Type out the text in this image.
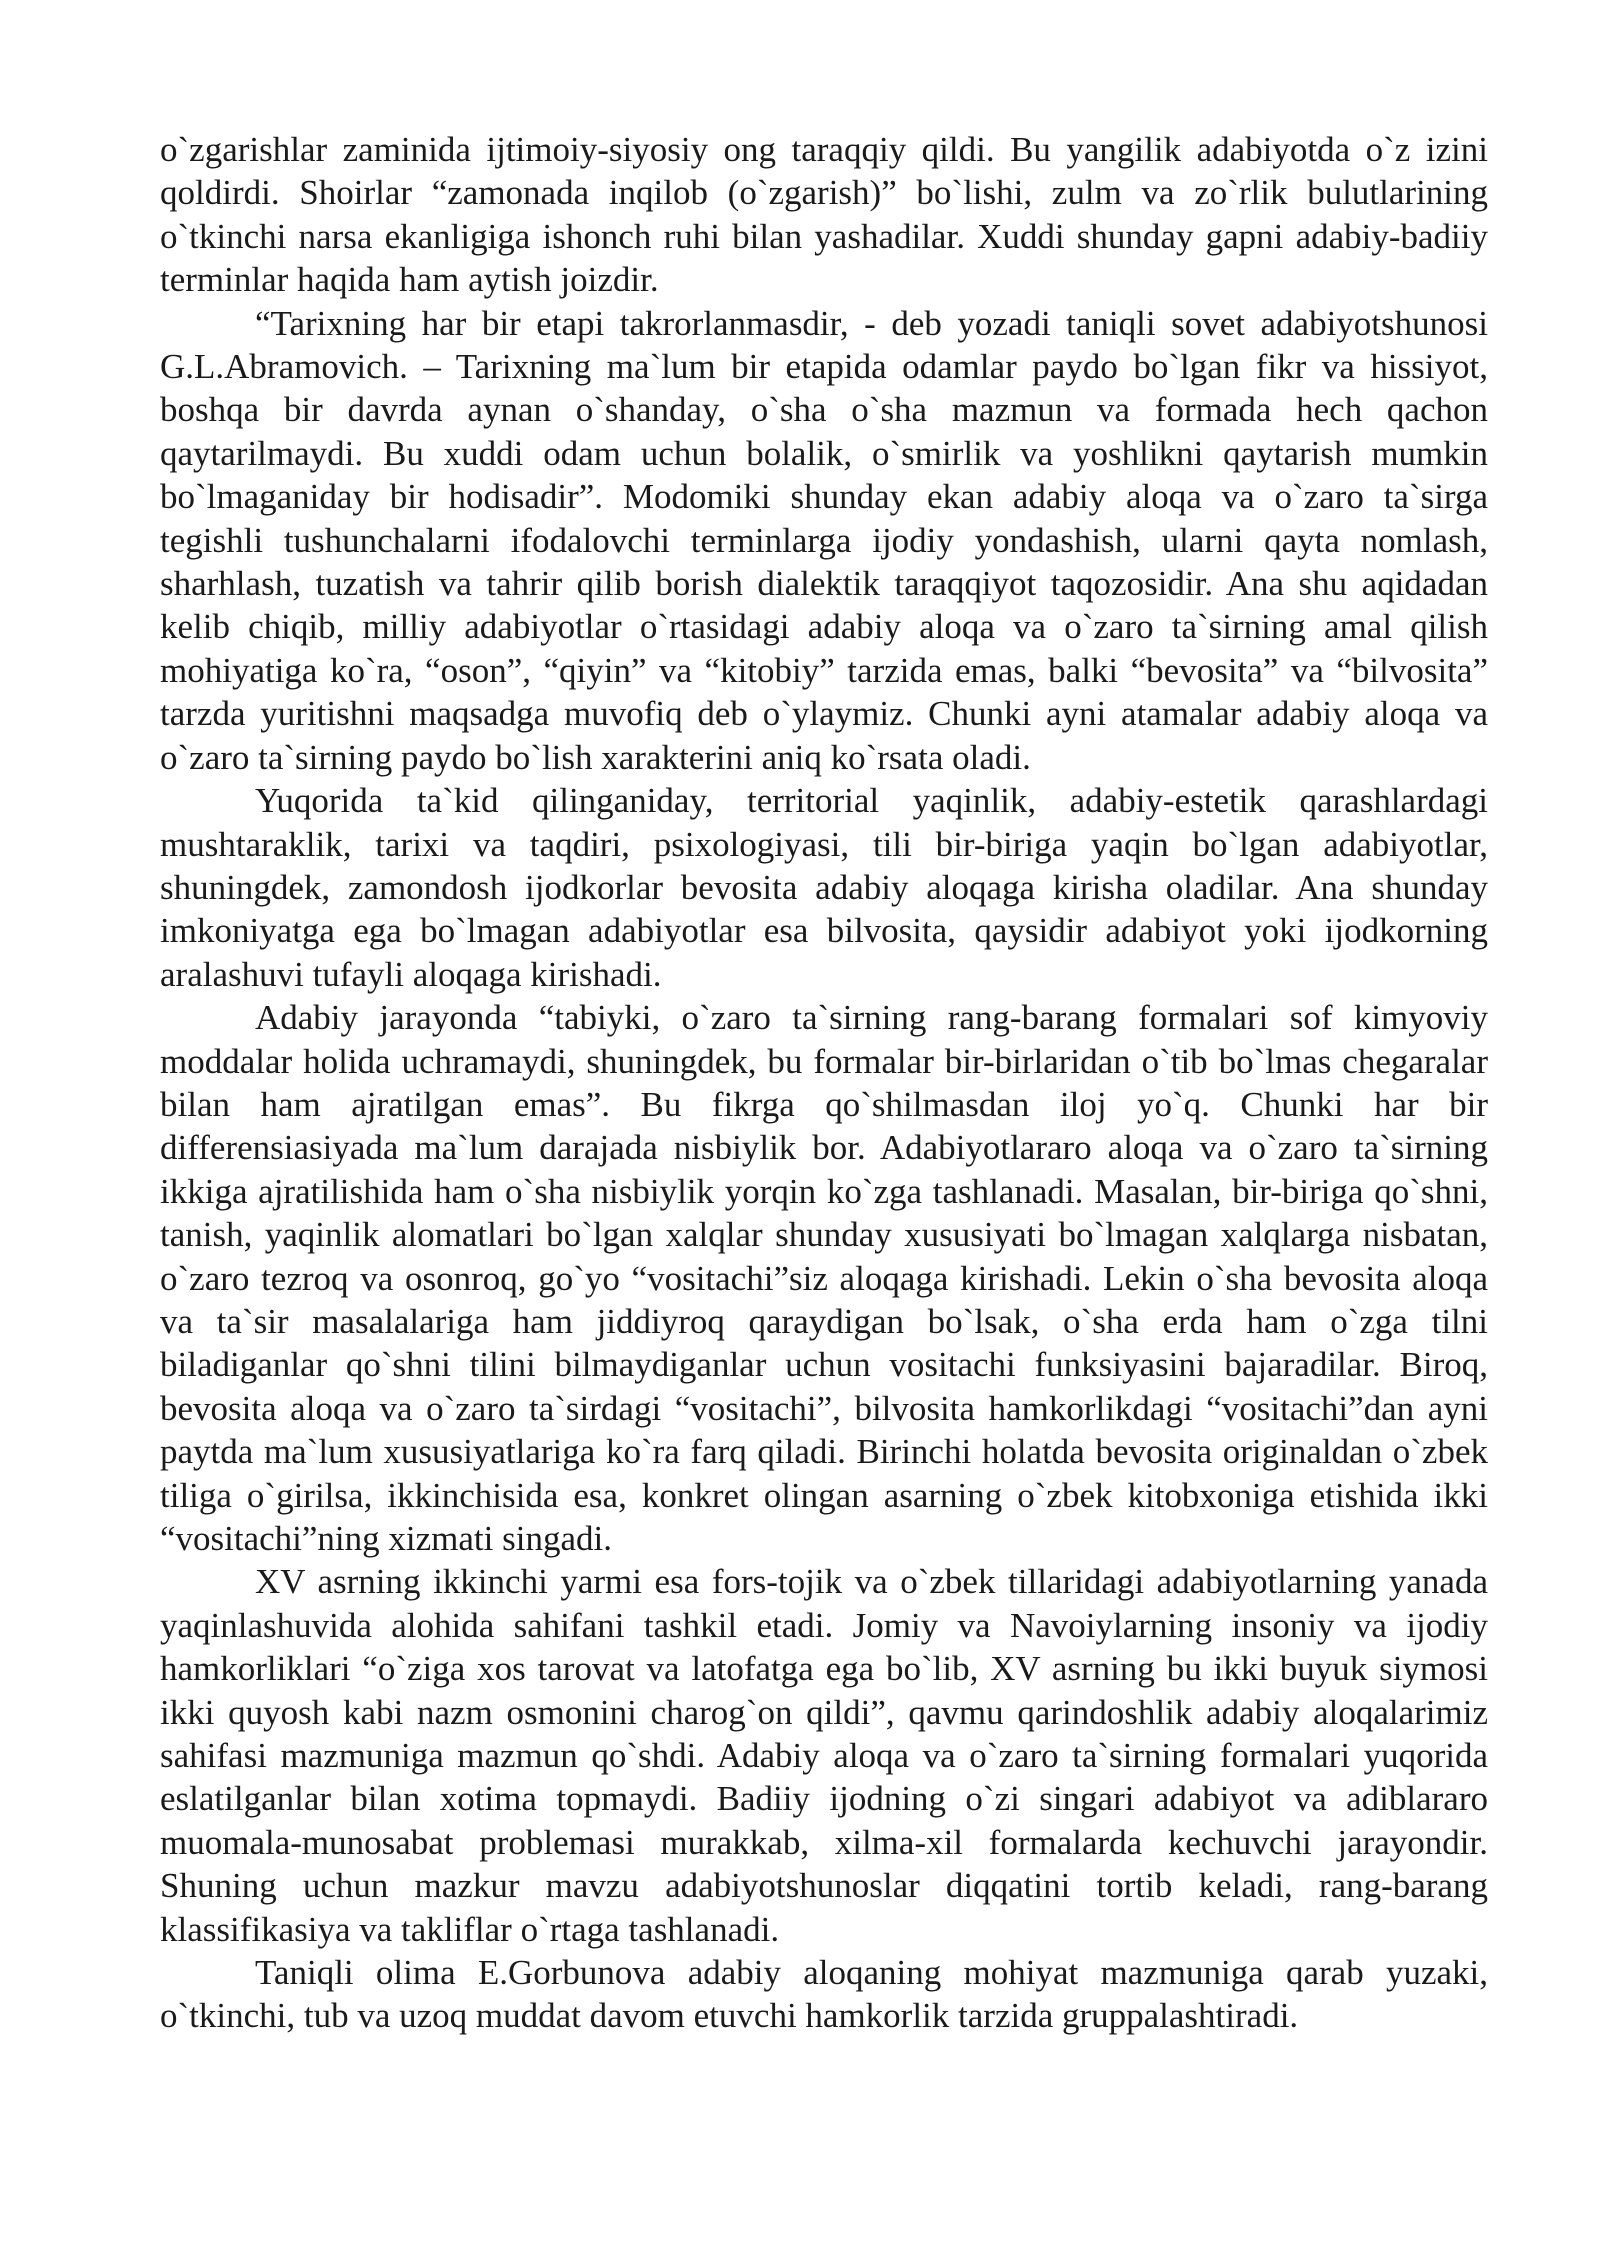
o`zgarishlar zaminida ijtimoiy-siyosiy ong taraqqiy qildi. Bu yangilik adabiyotda o`z izini qoldirdi. Shoirlar “zamonada inqilob (o`zgarish)” bo`lishi, zulm va zo`rlik bulutlarining o`tkinchi narsa ekanligiga ishonch ruhi bilan yashadilar. Xuddi shunday gapni adabiy-badiiy terminlar haqida ham aytish joizdir.

“Tarixning har bir etapi takrorlanmasdir, - deb yozadi taniqli sovet adabiyotshunosi G.L.Abramovich. – Tarixning ma`lum bir etapida odamlar paydo bo`lgan fikr va hissiyot, boshqa bir davrda aynan o`shanday, o`sha o`sha mazmun va formada hech qachon qaytarilmaydi. Bu xuddi odam uchun bolalik, o`smirlik va yoshlikni qaytarish mumkin bo`lmaganiday bir hodisadir”. Modomiki shunday ekan adabiy aloqa va o`zaro ta`sirga tegishli tushunchalarni ifodalovchi terminlarga ijodiy yondashish, ularni qayta nomlash, sharhlash, tuzatish va tahrir qilib borish dialektik taraqqiyot taqozosidir. Ana shu aqidadan kelib chiqib, milliy adabiyotlar o`rtasidagi adabiy aloqa va o`zaro ta`sirning amal qilish mohiyatiga ko`ra, “oson”, “qiyin” va “kitobiy” tarzida emas, balki “bevosita” va “bilvosita” tarzda yuritishni maqsadga muvofiq deb o`ylaymiz. Chunki ayni atamalar adabiy aloqa va o`zaro ta`sirning paydo bo`lish xarakterini aniq ko`rsata oladi.

Yuqorida ta`kid qilinganiday, territorial yaqinlik, adabiy-estetik qarashlardagi mushtaraklik, tarixi va taqdiri, psixologiyasi, tili bir-biriga yaqin bo`lgan adabiyotlar, shuningdek, zamondosh ijodkorlar bevosita adabiy aloqaga kirisha oladilar. Ana shunday imkoniyatga ega bo`lmagan adabiyotlar esa bilvosita, qaysidir adabiyot yoki ijodkorning aralashuvi tufayli aloqaga kirishadi.

Adabiy jarayonda “tabiyki, o`zaro ta`sirning rang-barang formalari sof kimyoviy moddalar holida uchramaydi, shuningdek, bu formalar bir-birlaridan o`tib bo`lmas chegaralar bilan ham ajratilgan emas”. Bu fikrga qo`shilmasdan iloj yo`q. Chunki har bir differensiasiyada ma`lum darajada nisbiylik bor. Adabiyotlararo aloqa va o`zaro ta`sirning ikkiga ajratilishida ham o`sha nisbiylik yorqin ko`zga tashlanadi. Masalan, bir-biriga qo`shni, tanish, yaqinlik alomatlari bo`lgan xalqlar shunday xususiyati bo`lmagan xalqlarga nisbatan, o`zaro tezroq va osonroq, go`yo “vositachi”siz aloqaga kirishadi. Lekin o`sha bevosita aloqa va ta`sir masalalariga ham jiddiyroq qaraydigan bo`lsak, o`sha erda ham o`zga tilni biladiganlar qo`shni tilini bilmaydiganlar uchun vositachi funksiyasini bajaradilar. Biroq, bevosita aloqa va o`zaro ta`sirdagi “vositachi”, bilvosita hamkorlikdagi “vositachi”dan ayni paytda ma`lum xususiyatlariga ko`ra farq qiladi. Birinchi holatda bevosita originaldan o`zbek tiliga o`girilsa, ikkinchisida esa, konkret olingan asarning o`zbek kitobxoniga etishida ikki “vositachi”ning xizmati singadi.

XV asrning ikkinchi yarmi esa fors-tojik va o`zbek tillaridagi adabiyotlarning yanada yaqinlashuvida alohida sahifani tashkil etadi. Jomiy va Navoiylarning insoniy va ijodiy hamkorliklari “o`ziga xos tarovat va latofatga ega bo`lib, XV asrning bu ikki buyuk siymosi ikki quyosh kabi nazm osmonini charog`on qildi”, qavmu qarindoshlik adabiy aloqalarimiz sahifasi mazmuniga mazmun qo`shdi. Adabiy aloqa va o`zaro ta`sirning formalari yuqorida eslatilganlar bilan xotima topmaydi. Badiiy ijodning o`zi singari adabiyot va adiblararo muomala-munosabat problemasi murakkab, xilma-xil formalarda kechuvchi jarayondir. Shuning uchun mazkur mavzu adabiyotshunoslar diqqatini tortib keladi, rang-barang klassifikasiya va takliflar o`rtaga tashlanadi.

Taniqli olima E.Gorbunova adabiy aloqaning mohiyat mazmuniga qarab yuzaki, o`tkinchi, tub va uzoq muddat davom etuvchi hamkorlik tarzida gruppalashtiradi.
